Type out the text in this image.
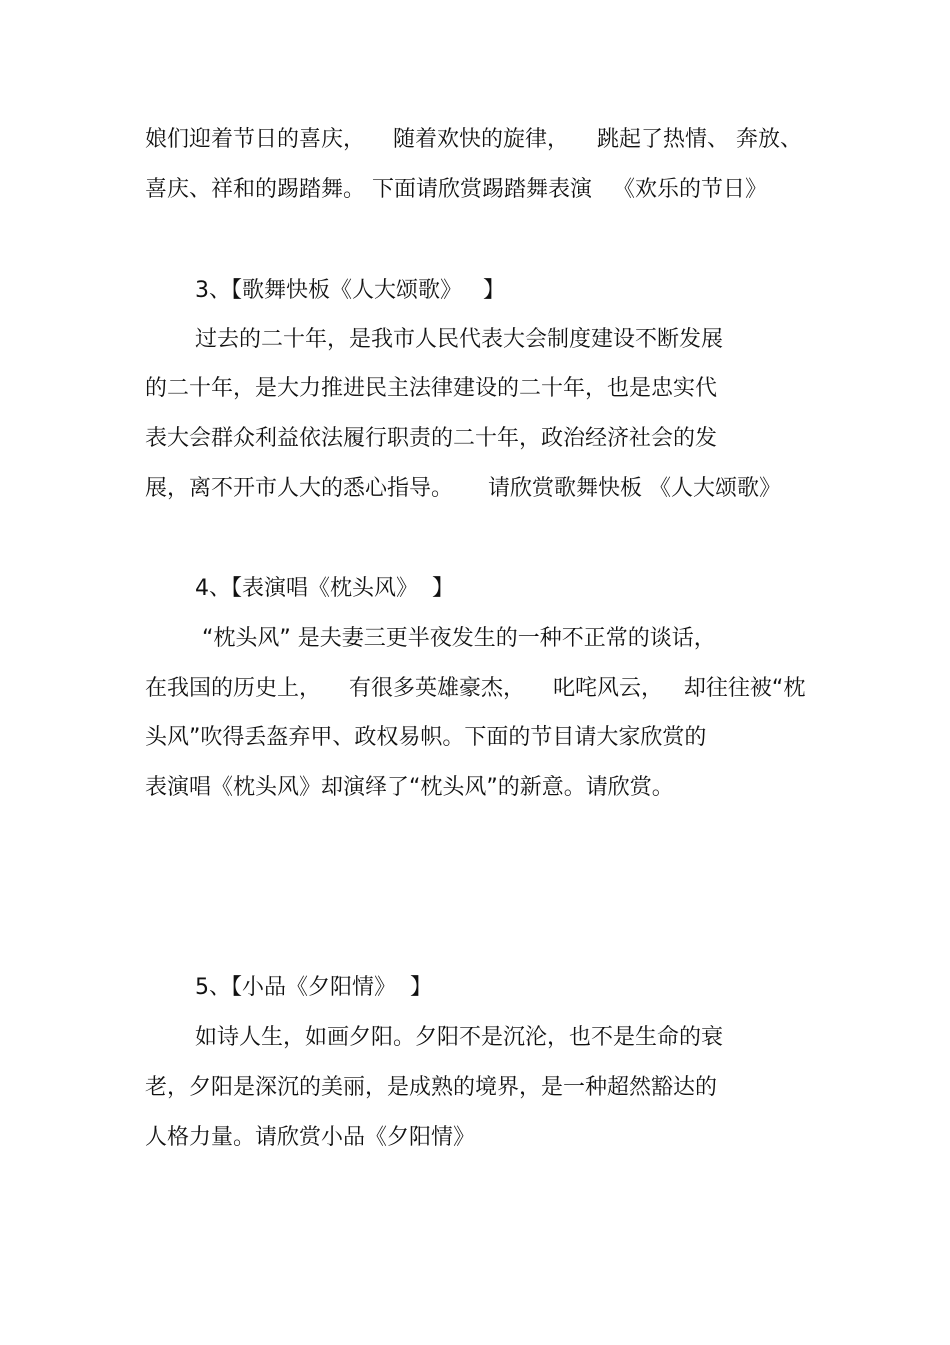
娘们迎着节日的喜庆，    随着欢快的旋律，    跳起了热情、 奔放、
喜庆、祥和的踢踏舞。 下面请欣赏踢踏舞表演   《欢乐的节日》
3、【歌舞快板《人大颂歌》   】
过去的二十年，是我市人民代表大会制度建设不断发展
的二十年，是大力推进民主法律建设的二十年，也是忠实代
表大会群众利益依法履行职责的二十年，政治经济社会的发
展，离不开市人大的悉心指导。     请欣赏歌舞快板 《人大颂歌》
4、【表演唱《枕头风》  】
“枕头风” 是夫妻三更半夜发生的一种不正常的谈话，
在我国的历史上，    有很多英雄豪杰，    叱咤风云，   却往往被“枕
头风”吹得丢盔弃甲、政权易帜。下面的节目请大家欣赏的
表演唱《枕头风》却演绎了“枕头风”的新意。请欣赏。
5、【小品《夕阳情》  】
如诗人生，如画夕阳。夕阳不是沉沦，也不是生命的衰
老，夕阳是深沉的美丽，是成熟的境界，是一种超然豁达的
人格力量。请欣赏小品《夕阳情》
